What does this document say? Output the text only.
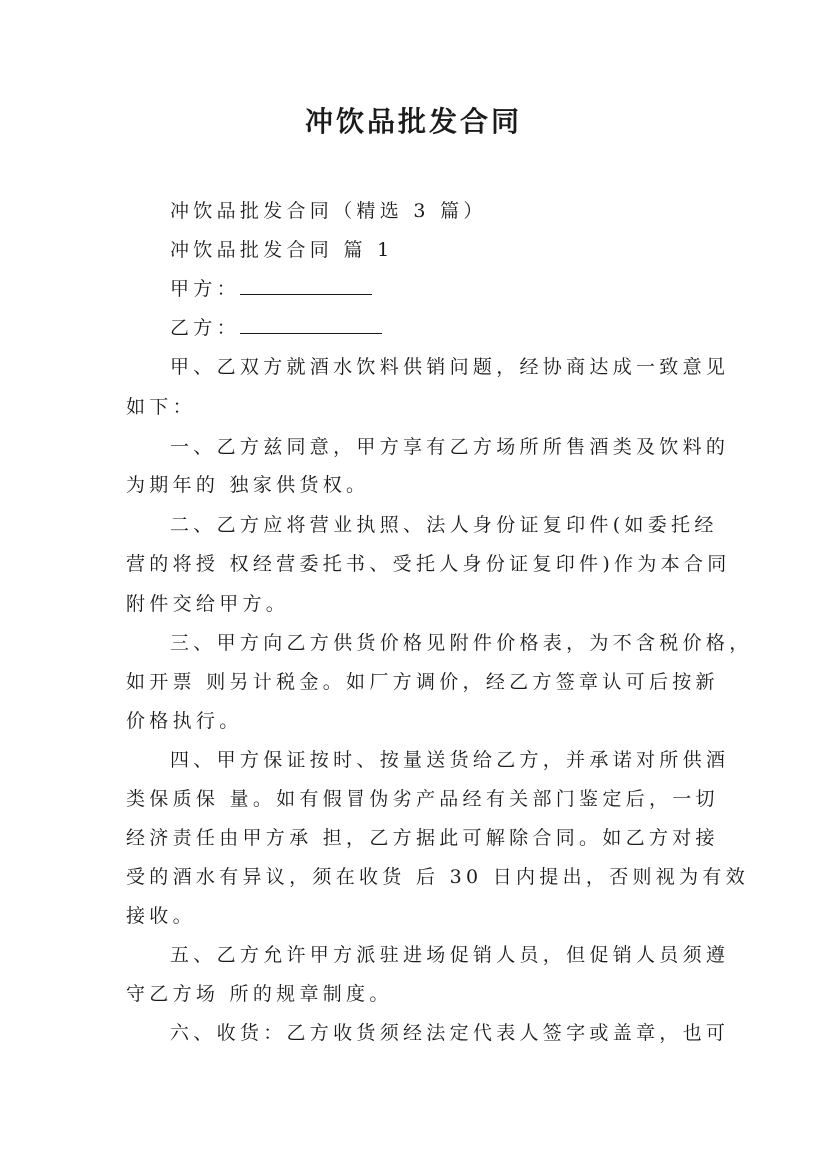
冲饮品批发合同
冲饮品批发合同（精选 3 篇）
冲饮品批发合同 篇 1
甲方：
乙方：
甲、乙双方就酒水饮料供销问题，经协商达成一致意见
如下：
一、乙方兹同意，甲方享有乙方场所所售酒类及饮料的
为期年的 独家供货权。
二、乙方应将营业执照、法人身份证复印件(如委托经
营的将授 权经营委托书、受托人身份证复印件)作为本合同
附件交给甲方。
三、甲方向乙方供货价格见附件价格表，为不含税价格，
如开票 则另计税金。如厂方调价，经乙方签章认可后按新
价格执行。
四、甲方保证按时、按量送货给乙方，并承诺对所供酒
类保质保 量。如有假冒伪劣产品经有关部门鉴定后，一切
经济责任由甲方承 担，乙方据此可解除合同。如乙方对接
受的酒水有异议，须在收货 后 30 日内提出，否则视为有效
接收。
五、乙方允许甲方派驻进场促销人员，但促销人员须遵
守乙方场 所的规章制度。
六、收货：乙方收货须经法定代表人签字或盖章，也可
